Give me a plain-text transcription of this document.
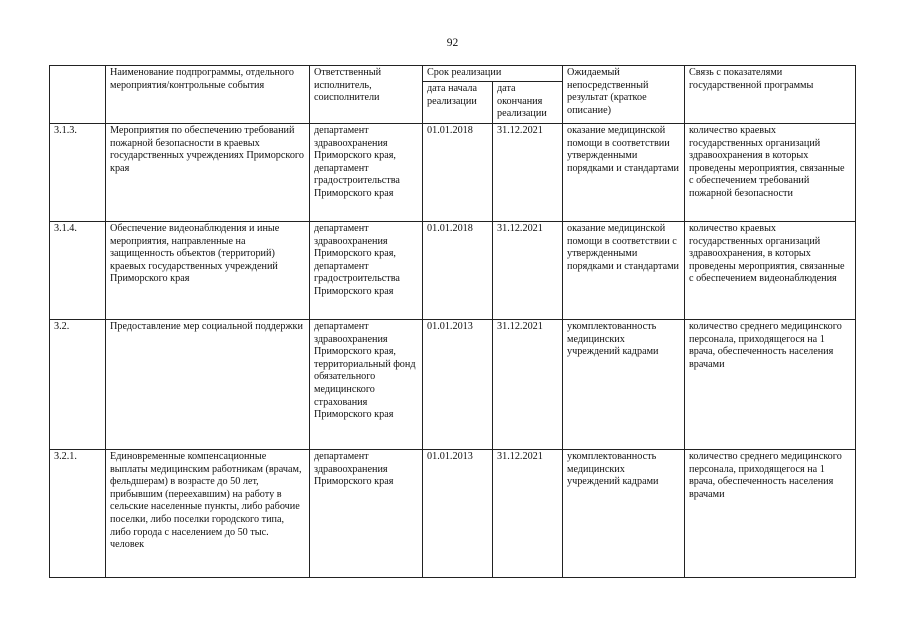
92
	Наименование подпрограммы, отдельного мероприятия/контрольные события	Ответственный исполнитель, соисполнители	Срок реализации		Ожидаемый непосредственный результат (краткое описание)	Связь с показателями государственной программы
			дата начала реализации	дата окончания реализации		
3.1.3.	Мероприятия по обеспечению требований пожарной безопасности в краевых государственных учреждениях Приморского края	департамент здравоохранения Приморского края, департамент градостроительства Приморского края	01.01.2018	31.12.2021	оказание медицинской помощи в соответствии утвержденными порядками и стандартами	количество краевых государственных организаций здравоохранения в которых проведены мероприятия, связанные с обеспечением требований пожарной безопасности
3.1.4.	Обеспечение видеонаблюдения и иные мероприятия, направленные на защищенность объектов (территорий) краевых государственных учреждений Приморского края	департамент здравоохранения Приморского края, департамент градостроительства Приморского края	01.01.2018	31.12.2021	оказание медицинской помощи в соответствии с утвержденными порядками и стандартами	количество краевых государственных организаций здравоохранения, в которых проведены мероприятия, связанные с обеспечением видеонаблюдения
3.2.	Предоставление мер социальной поддержки	департамент здравоохранения Приморского края, территориальный фонд обязательного медицинского страхования Приморского края	01.01.2013	31.12.2021	укомплектованность медицинских учреждений кадрами	количество среднего медицинского персонала, приходящегося на 1 врача, обеспеченность населения врачами
3.2.1.	Единовременные компенсационные выплаты медицинским работникам (врачам, фельдшерам) в возрасте до 50 лет, прибывшим (переехавшим) на работу в сельские населенные пункты, либо рабочие поселки, либо поселки городского типа, либо города с населением до 50 тыс. человек	департамент здравоохранения Приморского края	01.01.2013	31.12.2021	укомплектованность медицинских учреждений кадрами	количество среднего медицинского персонала, приходящегося на 1 врача, обеспеченность населения врачами
